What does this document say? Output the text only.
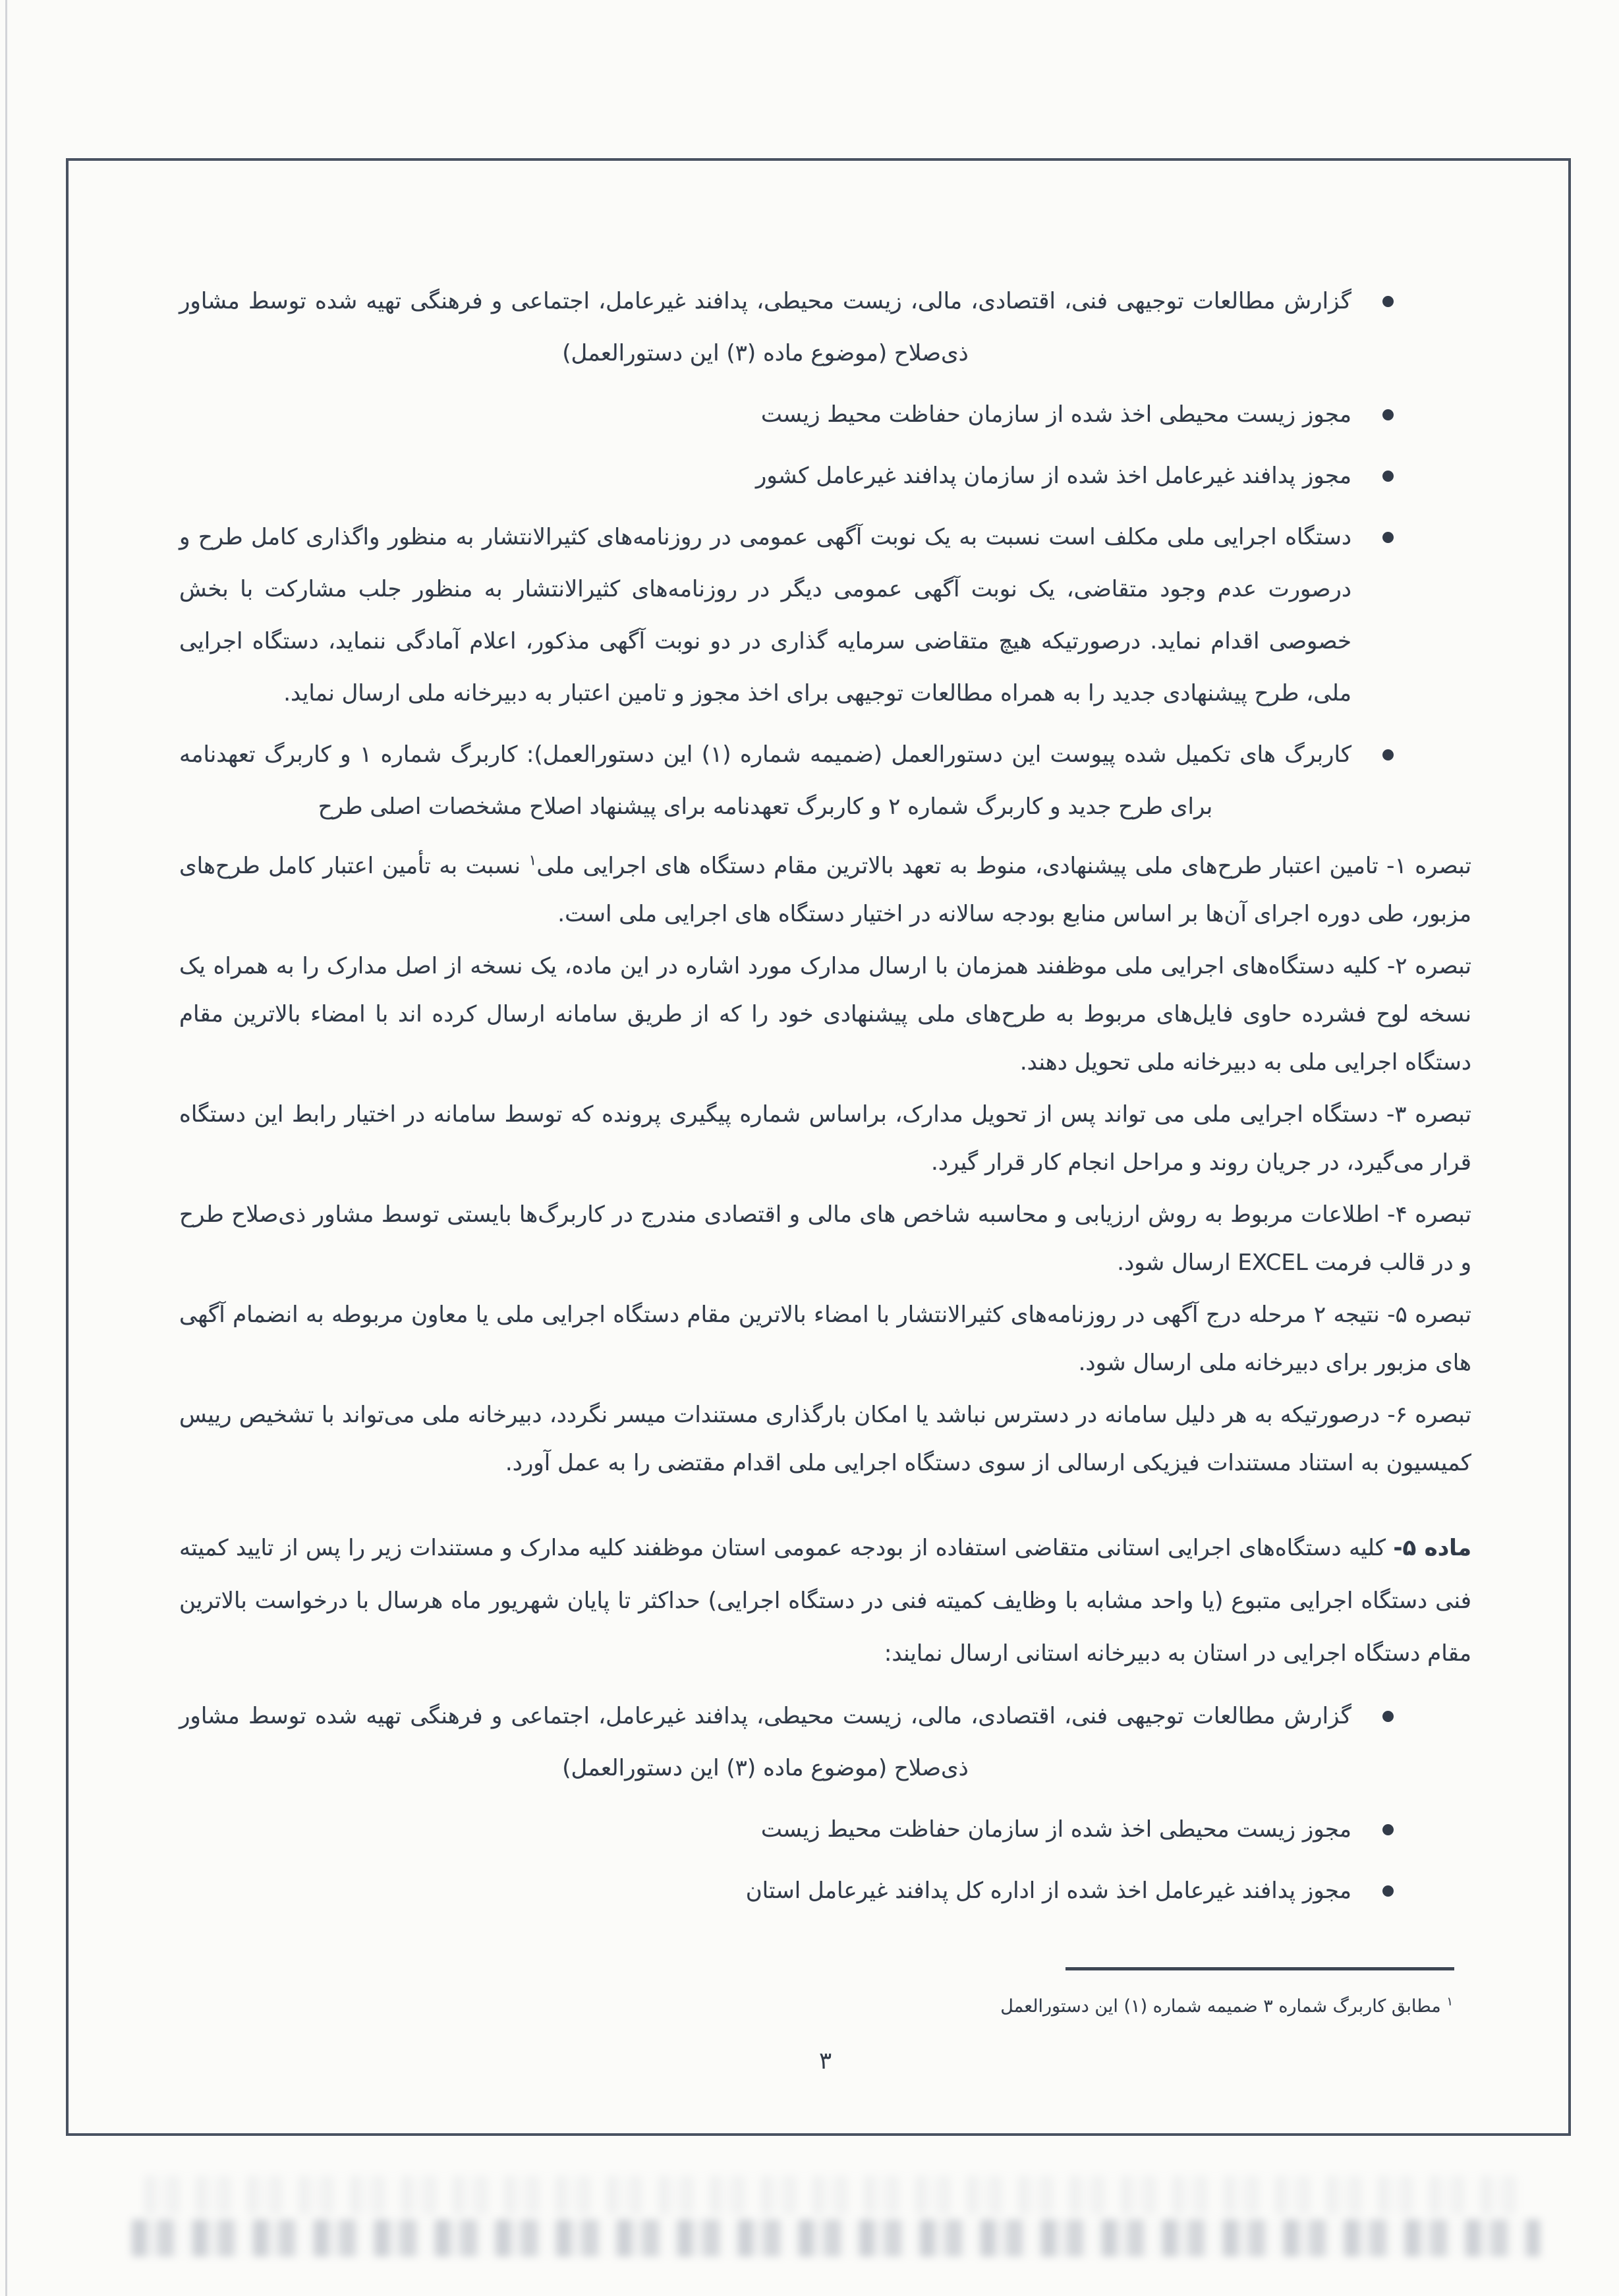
گزارش مطالعات توجیهی فنی، اقتصادی، مالی، زیست محیطی، پدافند غیرعامل، اجتماعی و فرهنگی تهیه شده توسط مشاور ذی‌صلاح (موضوع ماده (۳) این دستورالعمل)
مجوز زیست محیطی اخذ شده از سازمان حفاظت محیط زیست
مجوز پدافند غیرعامل اخذ شده از سازمان پدافند غیرعامل کشور
دستگاه اجرایی ملی مکلف است نسبت به یک نوبت آگهی عمومی در روزنامه‌های کثیرالانتشار به منظور واگذاری کامل طرح و درصورت عدم وجود متقاضی، یک نوبت آگهی عمومی دیگر در روزنامه‌های کثیرالانتشار به منظور جلب مشارکت با بخش خصوصی اقدام نماید. درصورتیکه هیچ متقاضی سرمایه گذاری در دو نوبت آگهی مذکور، اعلام آمادگی ننماید، دستگاه اجرایی ملی، طرح پیشنهادی جدید را به همراه مطالعات توجیهی برای اخذ مجوز و تامین اعتبار به دبیرخانه ملی ارسال نماید.
کاربرگ های تکمیل شده پیوست این دستورالعمل (ضمیمه شماره (۱) این دستورالعمل): کاربرگ شماره ۱ و کاربرگ تعهدنامه برای طرح جدید و کاربرگ شماره ۲ و کاربرگ تعهدنامه برای پیشنهاد اصلاح مشخصات اصلی طرح

تبصره ۱- تامین اعتبار طرح‌های ملی پیشنهادی، منوط به تعهد بالاترین مقام دستگاه های اجرایی ملی$^۱$ نسبت به تأمین اعتبار کامل طرح‌های مزبور، طی دوره اجرای آن‌ها بر اساس منابع بودجه سالانه در اختیار دستگاه های اجرایی ملی است.

تبصره ۲- کلیه دستگاه‌های اجرایی ملی موظفند همزمان با ارسال مدارک مورد اشاره در این ماده، یک نسخه از اصل مدارک را به همراه یک نسخه لوح فشرده حاوی فایل‌های مربوط به طرح‌های ملی پیشنهادی خود را که از طریق سامانه ارسال کرده اند با امضاء بالاترین مقام دستگاه اجرایی ملی به دبیرخانه ملی تحویل دهند.

تبصره ۳- دستگاه اجرایی ملی می تواند پس از تحویل مدارک، براساس شماره پیگیری پرونده که توسط سامانه در اختیار رابط این دستگاه قرار می‌گیرد، در جریان روند و مراحل انجام کار قرار گیرد.

تبصره ۴- اطلاعات مربوط به روش ارزیابی و محاسبه شاخص های مالی و اقتصادی مندرج در کاربرگ‌ها بایستی توسط مشاور ذی‌صلاح طرح و در قالب فرمت EXCEL ارسال شود.

تبصره ۵- نتیجه ۲ مرحله درج آگهی در روزنامه‌های کثیرالانتشار با امضاء بالاترین مقام دستگاه اجرایی ملی یا معاون مربوطه به انضمام آگهی های مزبور برای دبیرخانه ملی ارسال شود.

تبصره ۶- درصورتیکه به هر دلیل سامانه در دسترس نباشد یا امکان بارگذاری مستندات میسر نگردد، دبیرخانه ملی می‌تواند با تشخیص رییس کمیسیون به استناد مستندات فیزیکی ارسالی از سوی دستگاه اجرایی ملی اقدام مقتضی را به عمل آورد.

ماده ۵- کلیه دستگاه‌های اجرایی استانی متقاضی استفاده از بودجه عمومی استان موظفند کلیه مدارک و مستندات زیر را پس از تایید کمیته فنی دستگاه اجرایی متبوع (یا واحد مشابه با وظایف کمیته فنی در دستگاه اجرایی) حداکثر تا پایان شهریور ماه هرسال با درخواست بالاترین مقام دستگاه اجرایی در استان به دبیرخانه استانی ارسال نمایند:

گزارش مطالعات توجیهی فنی، اقتصادی، مالی، زیست محیطی، پدافند غیرعامل، اجتماعی و فرهنگی تهیه شده توسط مشاور ذی‌صلاح (موضوع ماده (۳) این دستورالعمل)
مجوز زیست محیطی اخذ شده از سازمان حفاظت محیط زیست
مجوز پدافند غیرعامل اخذ شده از اداره کل پدافند غیرعامل استان
$^۱$ مطابق کاربرگ شماره ۳ ضمیمه شماره (۱) این دستورالعمل
۳
